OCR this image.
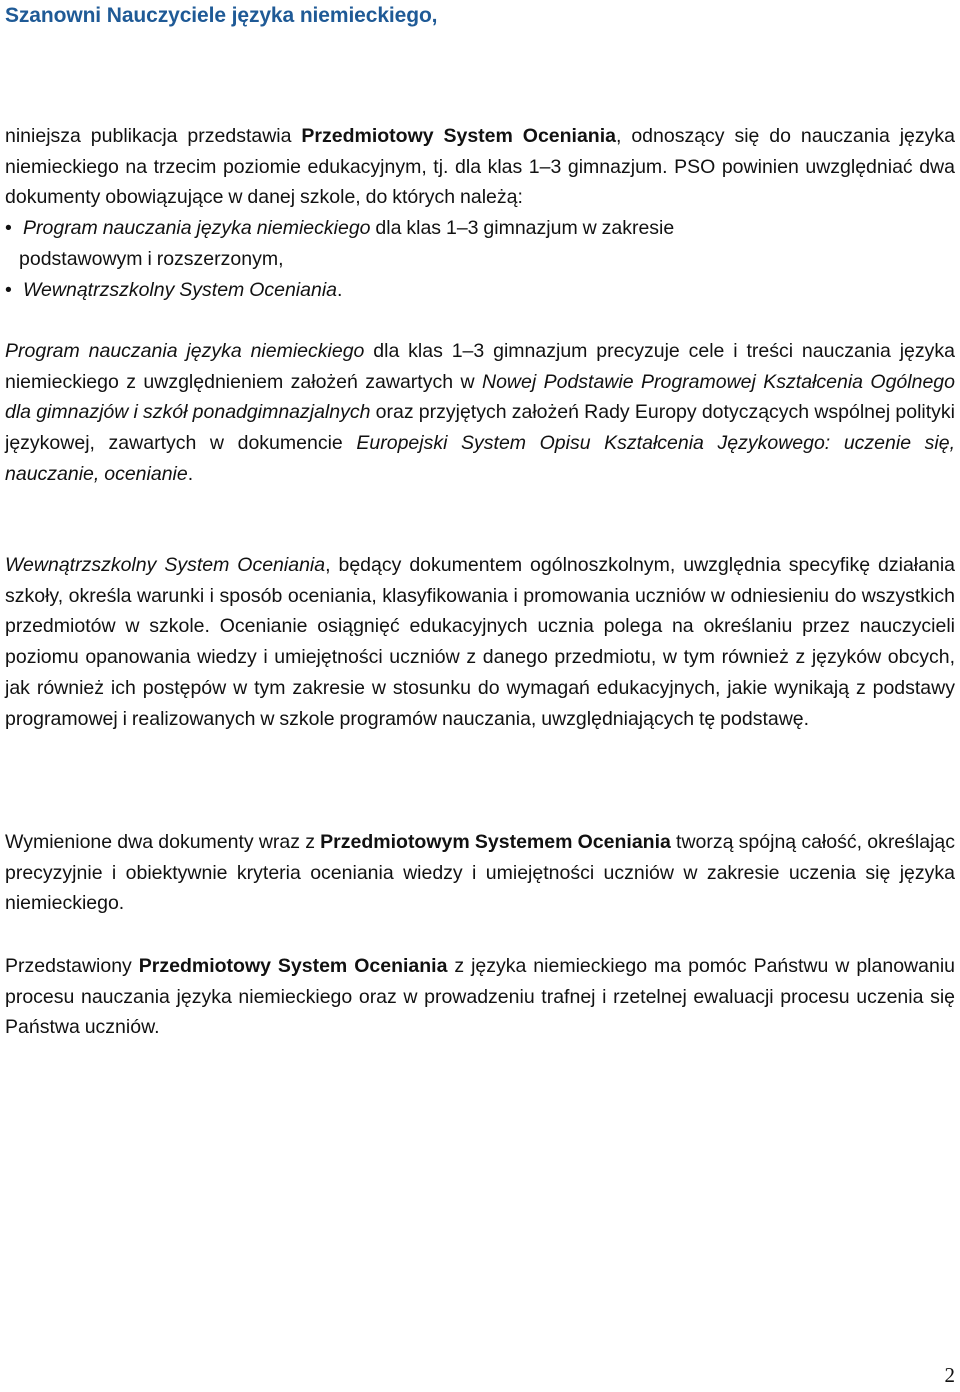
Szanowni Nauczyciele języka niemieckiego,

niniejsza publikacja przedstawia Przedmiotowy System Oceniania, odnoszący się do nauczania języka niemieckiego na trzecim poziomie edukacyjnym, tj. dla klas 1–3 gimnazjum. PSO powinien uwzględniać dwa dokumenty obowiązujące w danej szkole, do których należą:

• Program nauczania języka niemieckiego dla klas 1–3 gimnazjum w zakresie
podstawowym i rozszerzonym,

• Wewnątrzszkolny System Oceniania.

Program nauczania języka niemieckiego dla klas 1–3 gimnazjum precyzuje cele i treści nauczania języka niemieckiego z uwzględnieniem założeń zawartych w Nowej Podstawie Programowej Kształcenia Ogólnego dla gimnazjów i szkół ponadgimnazjalnych oraz przyjętych założeń Rady Europy dotyczących wspólnej polityki językowej, zawartych w dokumencie Europejski System Opisu Kształcenia Językowego: uczenie się, nauczanie, ocenianie.

Wewnątrzszkolny System Oceniania, będący dokumentem ogólnoszkolnym, uwzględnia specyfikę działania szkoły, określa warunki i sposób oceniania, klasyfikowania i promowania uczniów w odniesieniu do wszystkich przedmiotów w szkole. Ocenianie osiągnięć edukacyjnych ucznia polega na określaniu przez nauczycieli poziomu opanowania wiedzy i umiejętności uczniów z danego przedmiotu, w tym również z języków obcych, jak również ich postępów w tym zakresie w stosunku do wymagań edukacyjnych, jakie wynikają z podstawy programowej i realizowanych w szkole programów nauczania, uwzględniających tę podstawę.

Wymienione dwa dokumenty wraz z Przedmiotowym Systemem Oceniania tworzą spójną całość, określając precyzyjnie i obiektywnie kryteria oceniania wiedzy i umiejętności uczniów w zakresie uczenia się języka niemieckiego.

Przedstawiony Przedmiotowy System Oceniania z języka niemieckiego ma pomóc Państwu w planowaniu procesu nauczania języka niemieckiego oraz w prowadzeniu trafnej i rzetelnej ewaluacji procesu uczenia się Państwa uczniów.

2
